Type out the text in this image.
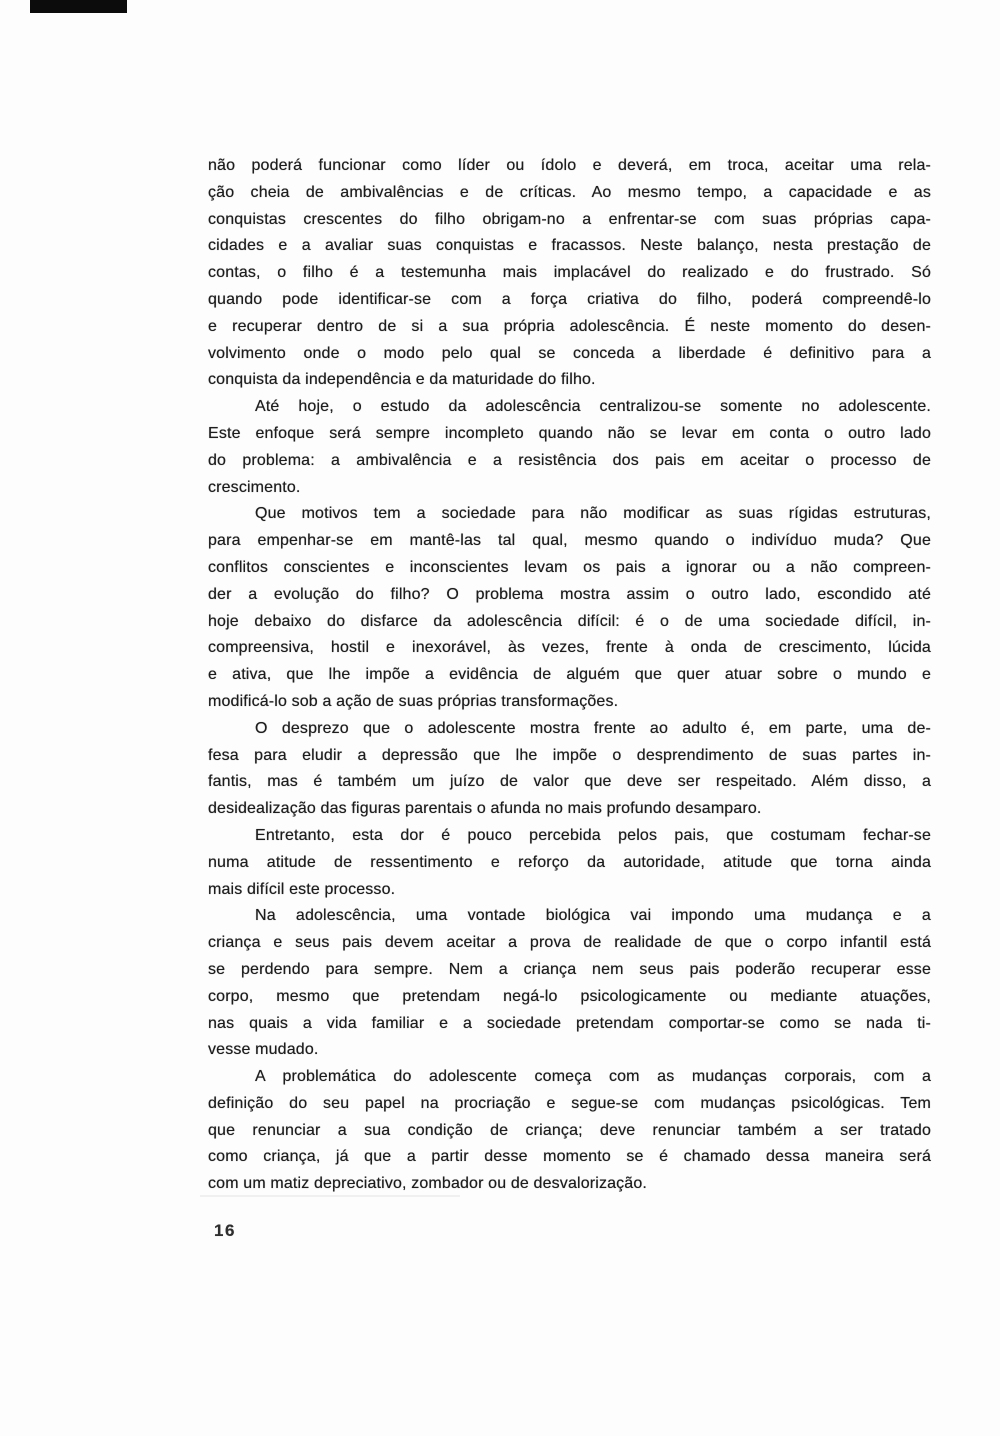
não poderá funcionar como líder ou ídolo e deverá, em troca, aceitar uma rela-
ção cheia de ambivalências e de críticas. Ao mesmo tempo, a capacidade e as
conquistas crescentes do filho obrigam-no a enfrentar-se com suas próprias capa-
cidades e a avaliar suas conquistas e fracassos. Neste balanço, nesta prestação de
contas, o filho é a testemunha mais implacável do realizado e do frustrado. Só
quando pode identificar-se com a força criativa do filho, poderá compreendê-lo
e recuperar dentro de si a sua própria adolescência. É neste momento do desen-
volvimento onde o modo pelo qual se conceda a liberdade é definitivo para a
conquista da independência e da maturidade do filho.
Até hoje, o estudo da adolescência centralizou-se somente no adolescente.
Este enfoque será sempre incompleto quando não se levar em conta o outro lado
do problema: a ambivalência e a resistência dos pais em aceitar o processo de
crescimento.
Que motivos tem a sociedade para não modificar as suas rígidas estruturas,
para empenhar-se em mantê-las tal qual, mesmo quando o indivíduo muda? Que
conflitos conscientes e inconscientes levam os pais a ignorar ou a não compreen-
der a evolução do filho? O problema mostra assim o outro lado, escondido até
hoje debaixo do disfarce da adolescência difícil: é o de uma sociedade difícil, in-
compreensiva, hostil e inexorável, às vezes, frente à onda de crescimento, lúcida
e ativa, que lhe impõe a evidência de alguém que quer atuar sobre o mundo e
modificá-lo sob a ação de suas próprias transformações.
O desprezo que o adolescente mostra frente ao adulto é, em parte, uma de-
fesa para eludir a depressão que lhe impõe o desprendimento de suas partes in-
fantis, mas é também um juízo de valor que deve ser respeitado. Além disso, a
desidealização das figuras parentais o afunda no mais profundo desamparo.
Entretanto, esta dor é pouco percebida pelos pais, que costumam fechar-se
numa atitude de ressentimento e reforço da autoridade, atitude que torna ainda
mais difícil este processo.
Na adolescência, uma vontade biológica vai impondo uma mudança e a
criança e seus pais devem aceitar a prova de realidade de que o corpo infantil está
se perdendo para sempre. Nem a criança nem seus pais poderão recuperar esse
corpo, mesmo que pretendam negá-lo psicologicamente ou mediante atuações,
nas quais a vida familiar e a sociedade pretendam comportar-se como se nada ti-
vesse mudado.
A problemática do adolescente começa com as mudanças corporais, com a
definição do seu papel na procriação e segue-se com mudanças psicológicas. Tem
que renunciar a sua condição de criança; deve renunciar também a ser tratado
como criança, já que a partir desse momento se é chamado dessa maneira será
com um matiz depreciativo, zombador ou de desvalorização.
16
